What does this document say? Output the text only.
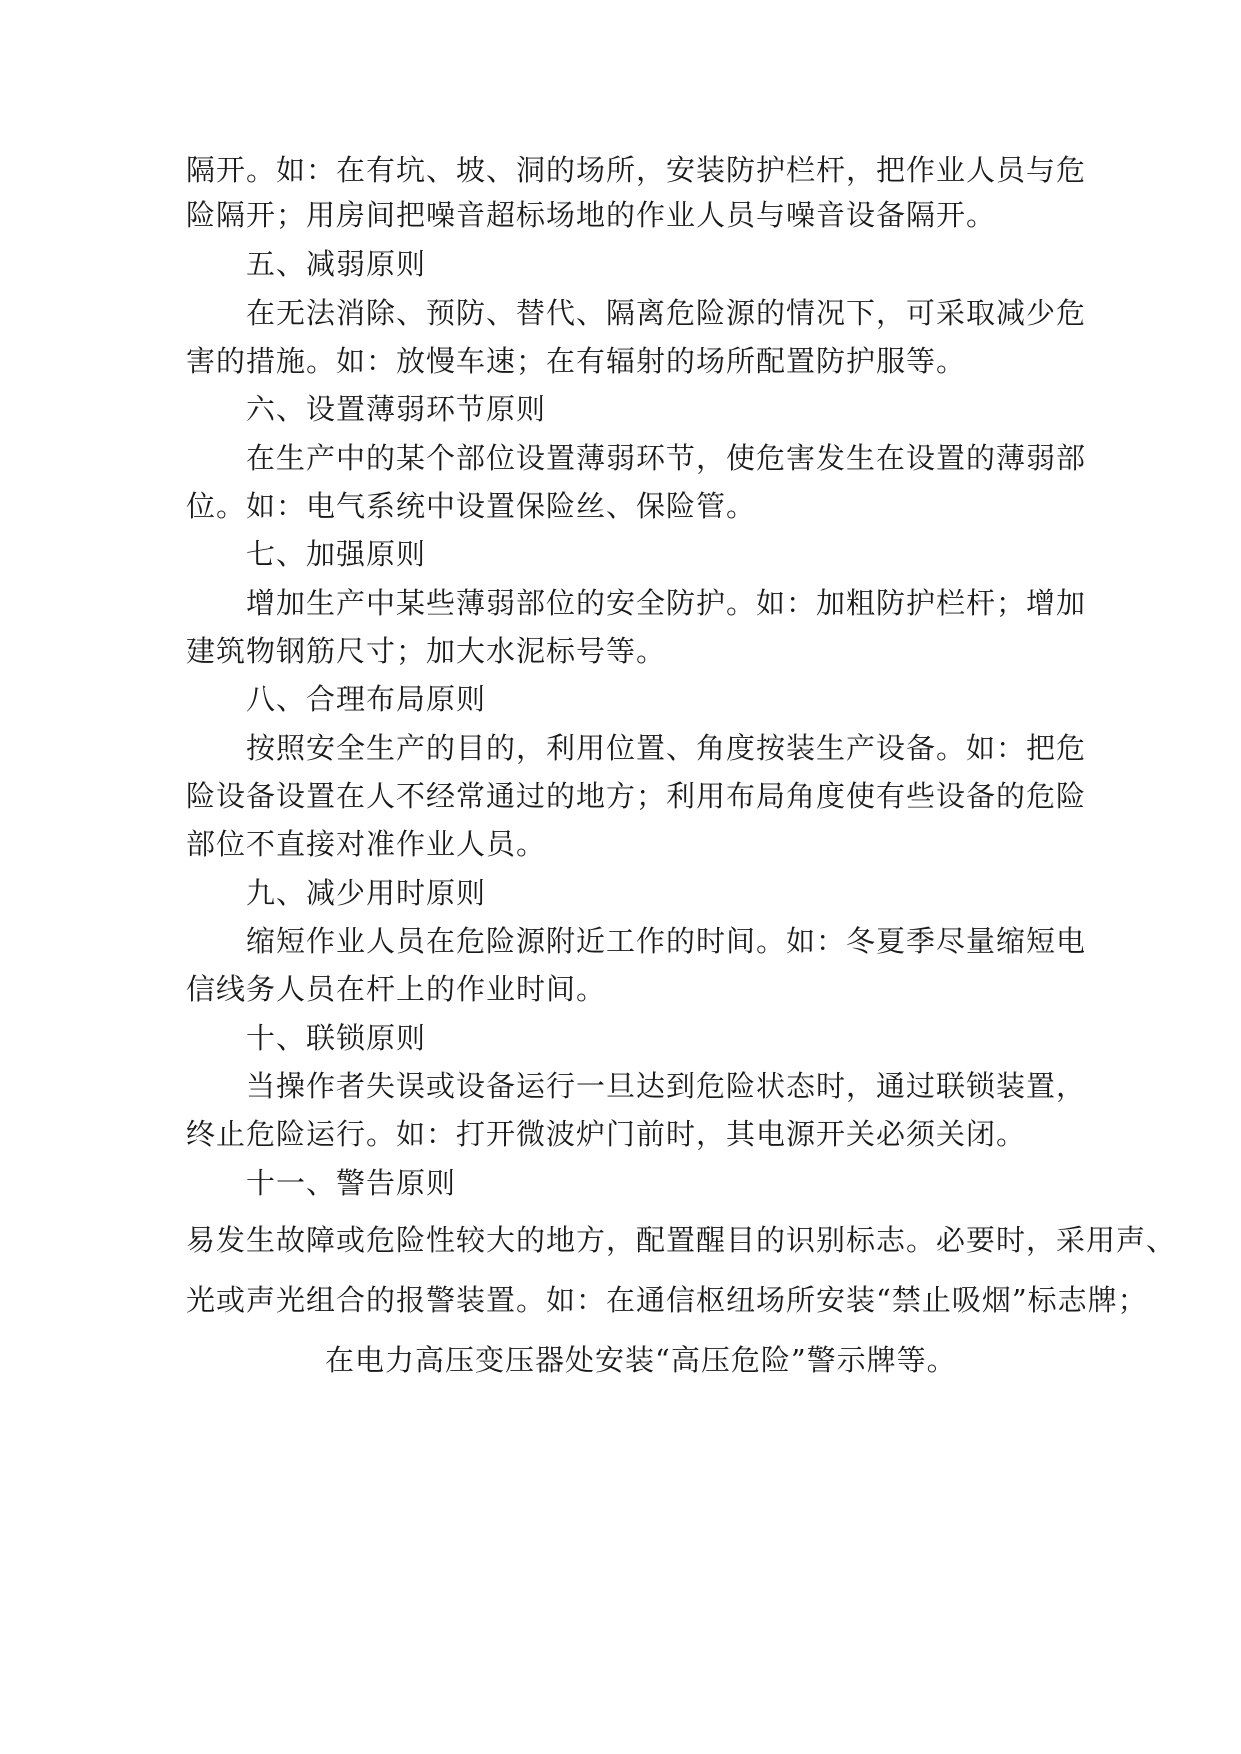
隔开。如：在有坑、坡、洞的场所，安装防护栏杆，把作业人员与危

险隔开；用房间把噪音超标场地的作业人员与噪音设备隔开。

五、减弱原则

在无法消除、预防、替代、隔离危险源的情况下，可采取减少危

害的措施。如：放慢车速；在有辐射的场所配置防护服等。

六、设置薄弱环节原则

在生产中的某个部位设置薄弱环节，使危害发生在设置的薄弱部

位。如：电气系统中设置保险丝、保险管。

七、加强原则

增加生产中某些薄弱部位的安全防护。如：加粗防护栏杆；增加

建筑物钢筋尺寸；加大水泥标号等。

八、合理布局原则

按照安全生产的目的，利用位置、角度按装生产设备。如：把危

险设备设置在人不经常通过的地方；利用布局角度使有些设备的危险

部位不直接对准作业人员。

九、减少用时原则

缩短作业人员在危险源附近工作的时间。如：冬夏季尽量缩短电

信线务人员在杆上的作业时间。

十、联锁原则

当操作者失误或设备运行一旦达到危险状态时，通过联锁装置，

终止危险运行。如：打开微波炉门前时，其电源开关必须关闭。

十一、警告原则

易发生故障或危险性较大的地方，配置醒目的识别标志。必要时，采用声、

光或声光组合的报警装置。如：在通信枢纽场所安装“禁止吸烟”标志牌；

在电力高压变压器处安装“高压危险”警示牌等。
